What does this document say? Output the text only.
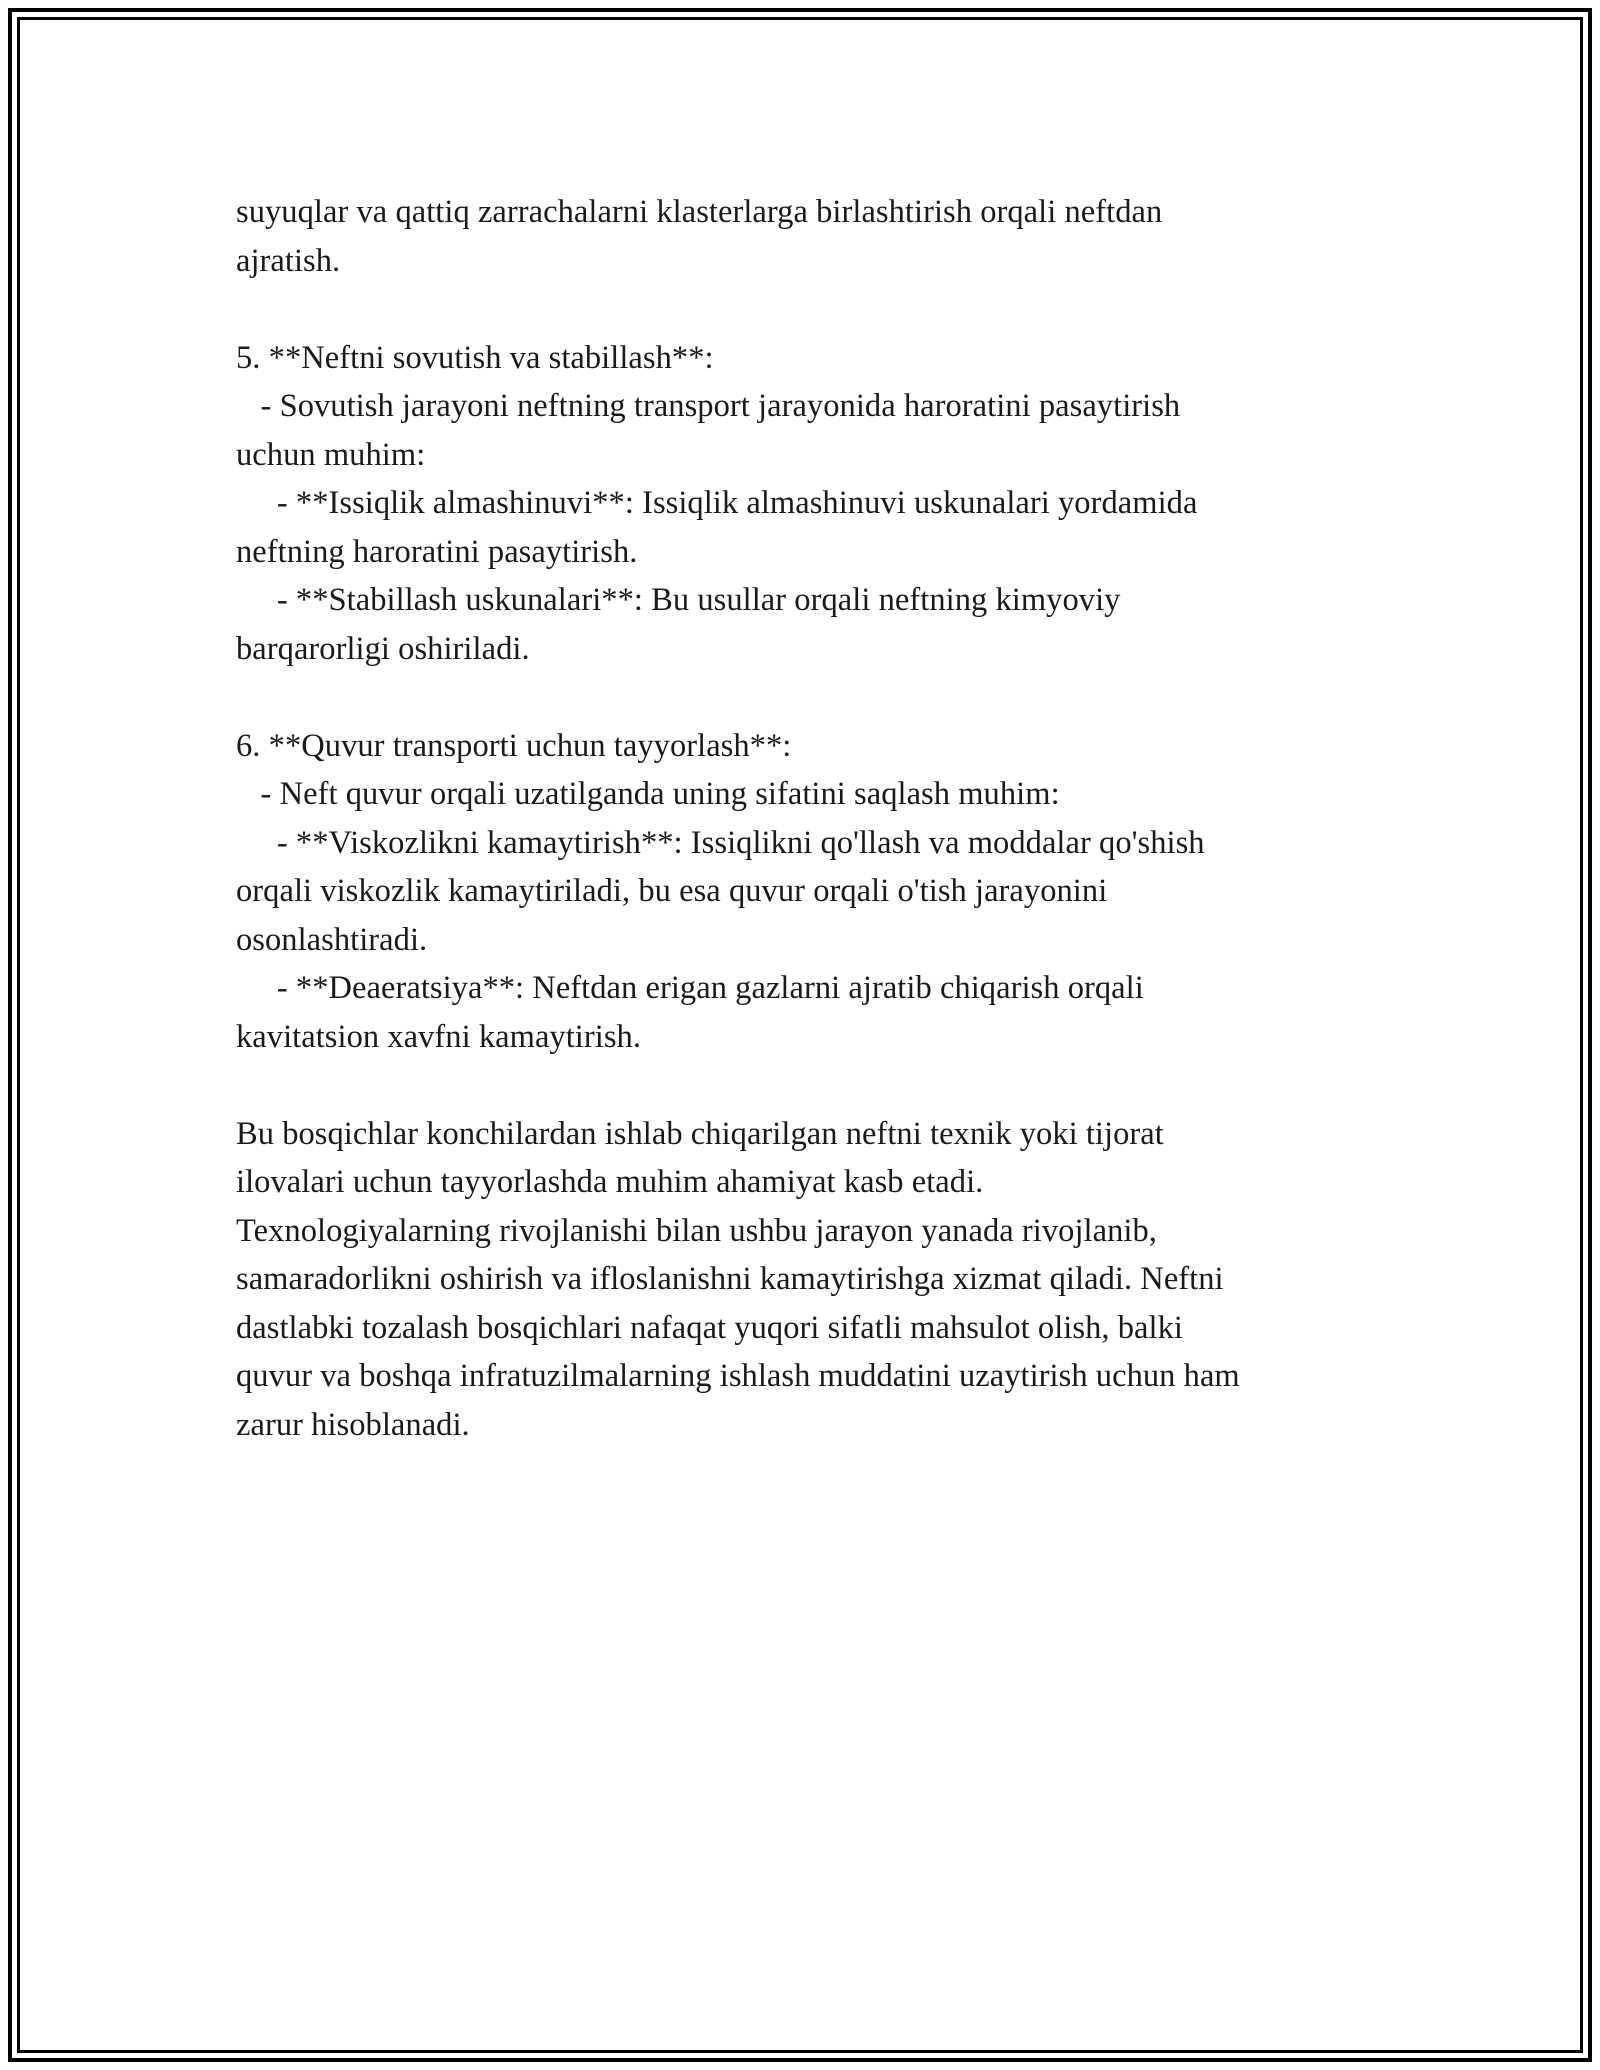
suyuqlar va qattiq zarrachalarni klasterlarga birlashtirish orqali neftdan
ajratish.
5. **Neftni sovutish va stabillash**:
- Sovutish jarayoni neftning transport jarayonida haroratini pasaytirish
uchun muhim:
- **Issiqlik almashinuvi**: Issiqlik almashinuvi uskunalari yordamida
neftning haroratini pasaytirish.
- **Stabillash uskunalari**: Bu usullar orqali neftning kimyoviy
barqarorligi oshiriladi.
6. **Quvur transporti uchun tayyorlash**:
- Neft quvur orqali uzatilganda uning sifatini saqlash muhim:
- **Viskozlikni kamaytirish**: Issiqlikni qo'llash va moddalar qo'shish
orqali viskozlik kamaytiriladi, bu esa quvur orqali o'tish jarayonini
osonlashtiradi.
- **Deaeratsiya**: Neftdan erigan gazlarni ajratib chiqarish orqali
kavitatsion xavfni kamaytirish.
Bu bosqichlar konchilardan ishlab chiqarilgan neftni texnik yoki tijorat
ilovalari uchun tayyorlashda muhim ahamiyat kasb etadi.
Texnologiyalarning rivojlanishi bilan ushbu jarayon yanada rivojlanib,
samaradorlikni oshirish va ifloslanishni kamaytirishga xizmat qiladi. Neftni
dastlabki tozalash bosqichlari nafaqat yuqori sifatli mahsulot olish, balki
quvur va boshqa infratuzilmalarning ishlash muddatini uzaytirish uchun ham
zarur hisoblanadi.
